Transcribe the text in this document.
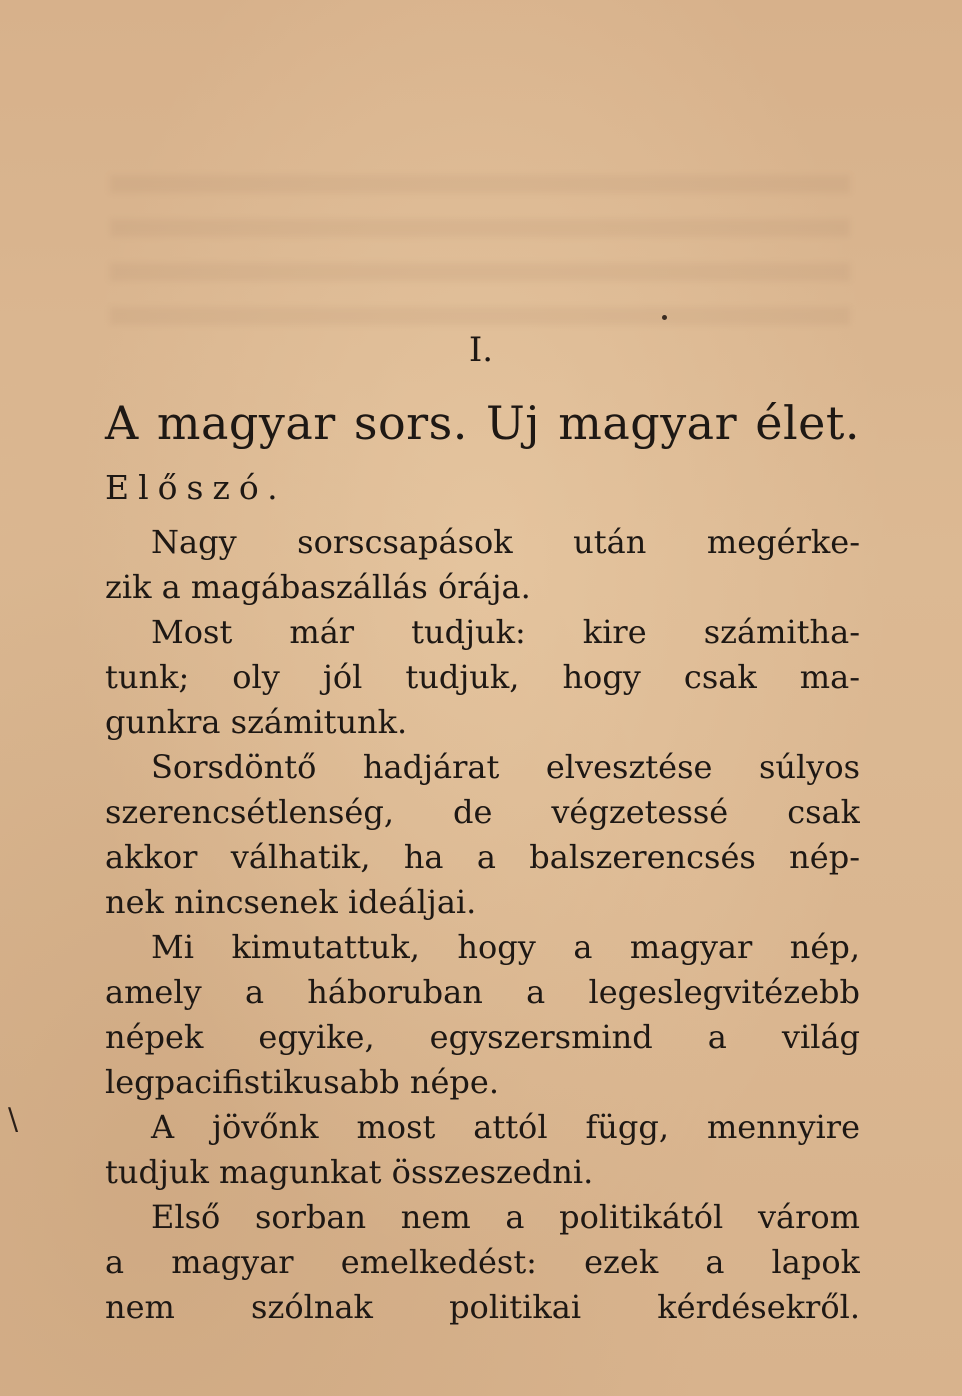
I.
A magyar sors. Uj magyar élet.
Előszó.
Nagy sorscsapások után megérke-
zik a magábaszállás órája.
Most már tudjuk: kire számitha-
tunk; oly jól tudjuk, hogy csak ma-
gunkra számitunk.
Sorsdöntő hadjárat elvesztése súlyos
szerencsétlenség, de végzetessé csak
akkor válhatik, ha a balszerencsés nép-
nek nincsenek ideáljai.
Mi kimutattuk, hogy a magyar nép,
amely a háboruban a legeslegvitézebb
népek egyike, egyszersmind a világ
legpacifistikusabb népe.
A jövőnk most attól függ, mennyire
tudjuk magunkat összeszedni.
Első sorban nem a politikától várom
a magyar emelkedést: ezek a lapok
nem szólnak politikai kérdésekről.
\
